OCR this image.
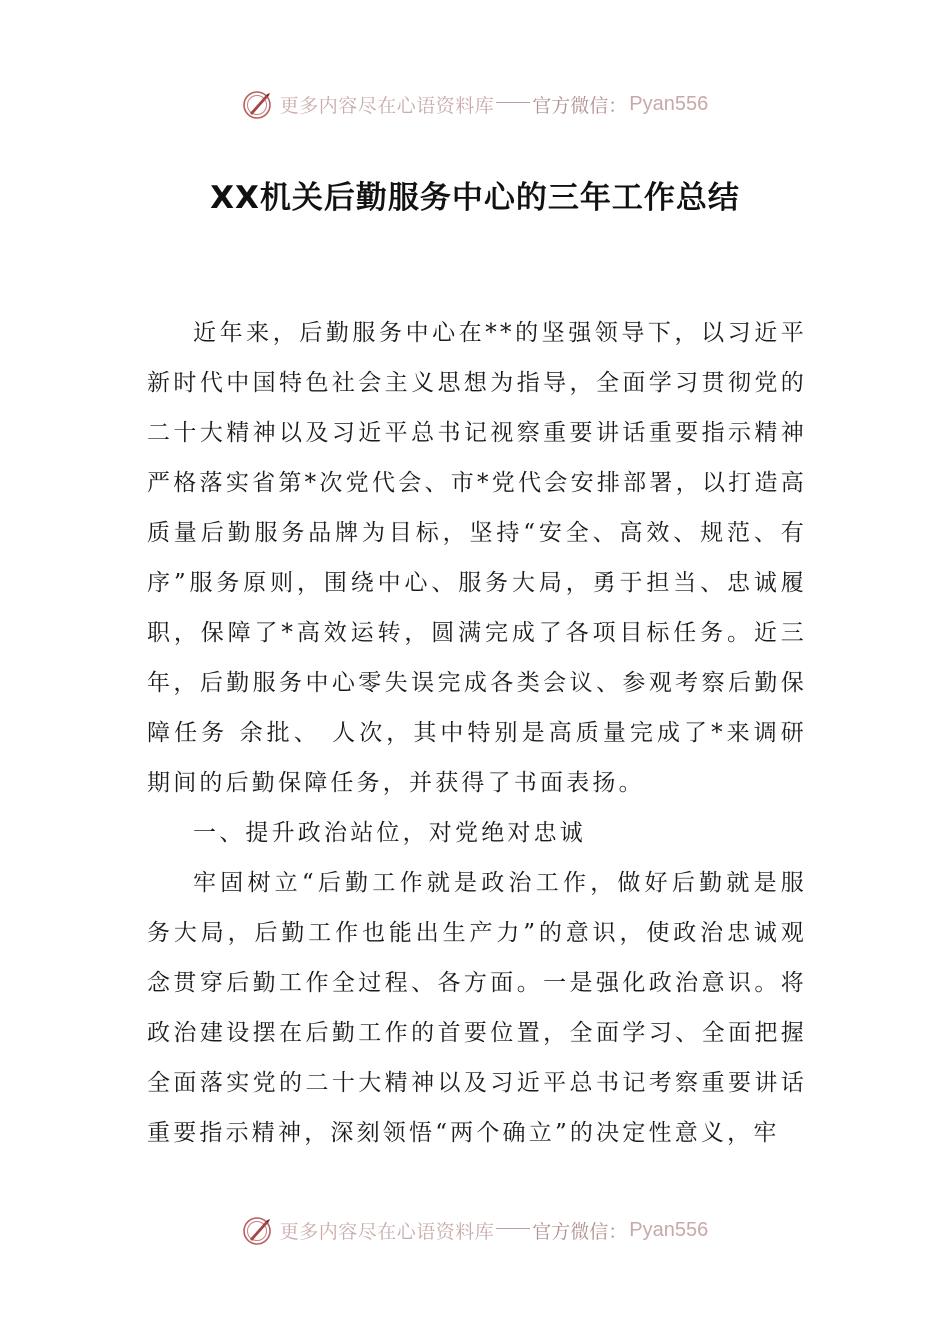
更多内容尽在心语资料库 官方微信： Pyan556
XX机关后勤服务中心的三年工作总结

近年来，后勤服务中心在**的坚强领导下，以习近平新时代中国特色社会主义思想为指导，全面学习贯彻党的二十大精神以及习近平总书记视察重要讲话重要指示精神严格落实省第*次党代会、市*党代会安排部署，以打造高质量后勤服务品牌为目标，坚持“安全、高效、规范、有序”服务原则，围绕中心、服务大局，勇于担当、忠诚履职，保障了*高效运转，圆满完成了各项目标任务。近三年，后勤服务中心零失误完成各类会议、参观考察后勤保障任务 余批、 人次，其中特别是高质量完成了*来调研期间的后勤保障任务，并获得了书面表扬。

一、提升政治站位，对党绝对忠诚

牢固树立“后勤工作就是政治工作，做好后勤就是服务大局，后勤工作也能出生产力”的意识，使政治忠诚观念贯穿后勤工作全过程、各方面。一是强化政治意识。将政治建设摆在后勤工作的首要位置，全面学习、全面把握全面落实党的二十大精神以及习近平总书记考察重要讲话重要指示精神，深刻领悟“两个确立”的决定性意义，牢

更多内容尽在心语资料库 官方微信： Pyan556
